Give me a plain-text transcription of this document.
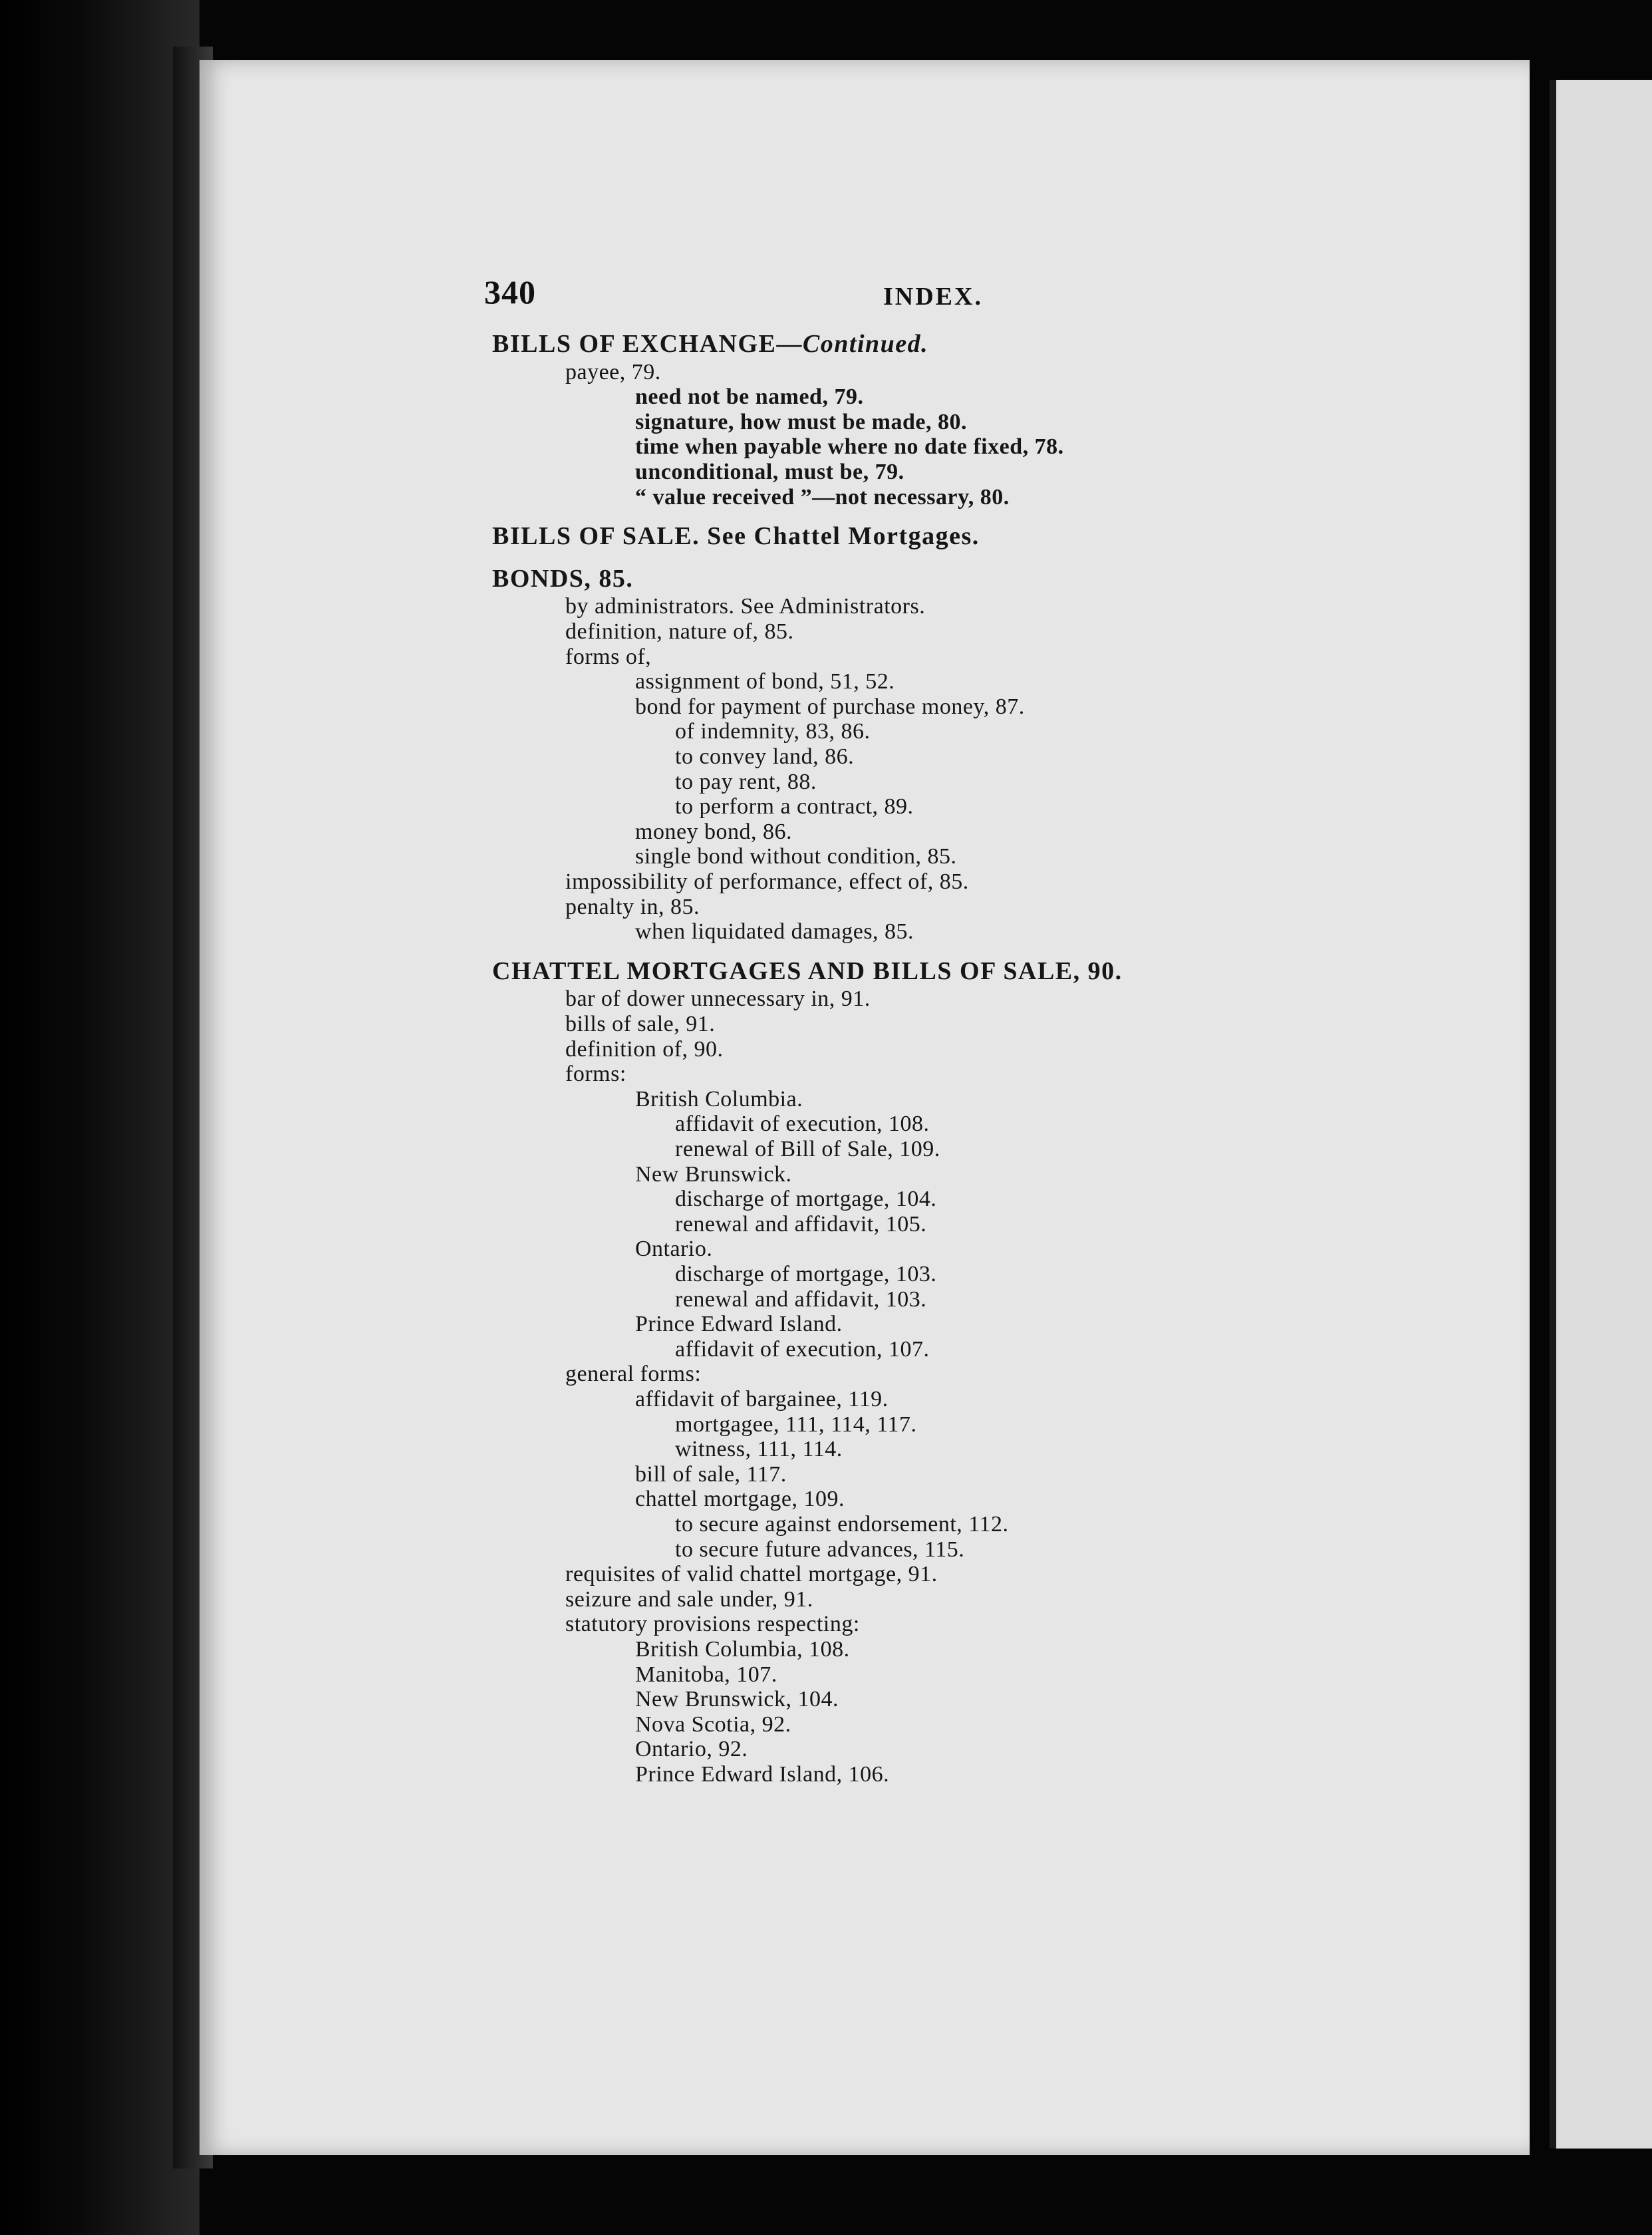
340	INDEX.
BILLS OF EXCHANGE—Continued.
payee, 79.
need not be named, 79.
signature, how must be made, 80.
time when payable where no date fixed, 78.
unconditional, must be, 79.
“ value received ”—not necessary, 80.
BILLS OF SALE. See Chattel Mortgages.
BONDS, 85.
by administrators. See Administrators.
definition, nature of, 85.
forms of,
assignment of bond, 51, 52.
bond for payment of purchase money, 87.
of indemnity, 83, 86.
to convey land, 86.
to pay rent, 88.
to perform a contract, 89.
money bond, 86.
single bond without condition, 85.
impossibility of performance, effect of, 85.
penalty in, 85.
when liquidated damages, 85.
CHATTEL MORTGAGES AND BILLS OF SALE, 90.
bar of dower unnecessary in, 91.
bills of sale, 91.
definition of, 90.
forms:
British Columbia.
affidavit of execution, 108.
renewal of Bill of Sale, 109.
New Brunswick.
discharge of mortgage, 104.
renewal and affidavit, 105.
Ontario.
discharge of mortgage, 103.
renewal and affidavit, 103.
Prince Edward Island.
affidavit of execution, 107.
general forms:
affidavit of bargainee, 119.
mortgagee, 111, 114, 117.
witness, 111, 114.
bill of sale, 117.
chattel mortgage, 109.
to secure against endorsement, 112.
to secure future advances, 115.
requisites of valid chattel mortgage, 91.
seizure and sale under, 91.
statutory provisions respecting:
British Columbia, 108.
Manitoba, 107.
New Brunswick, 104.
Nova Scotia, 92.
Ontario, 92.
Prince Edward Island, 106.
